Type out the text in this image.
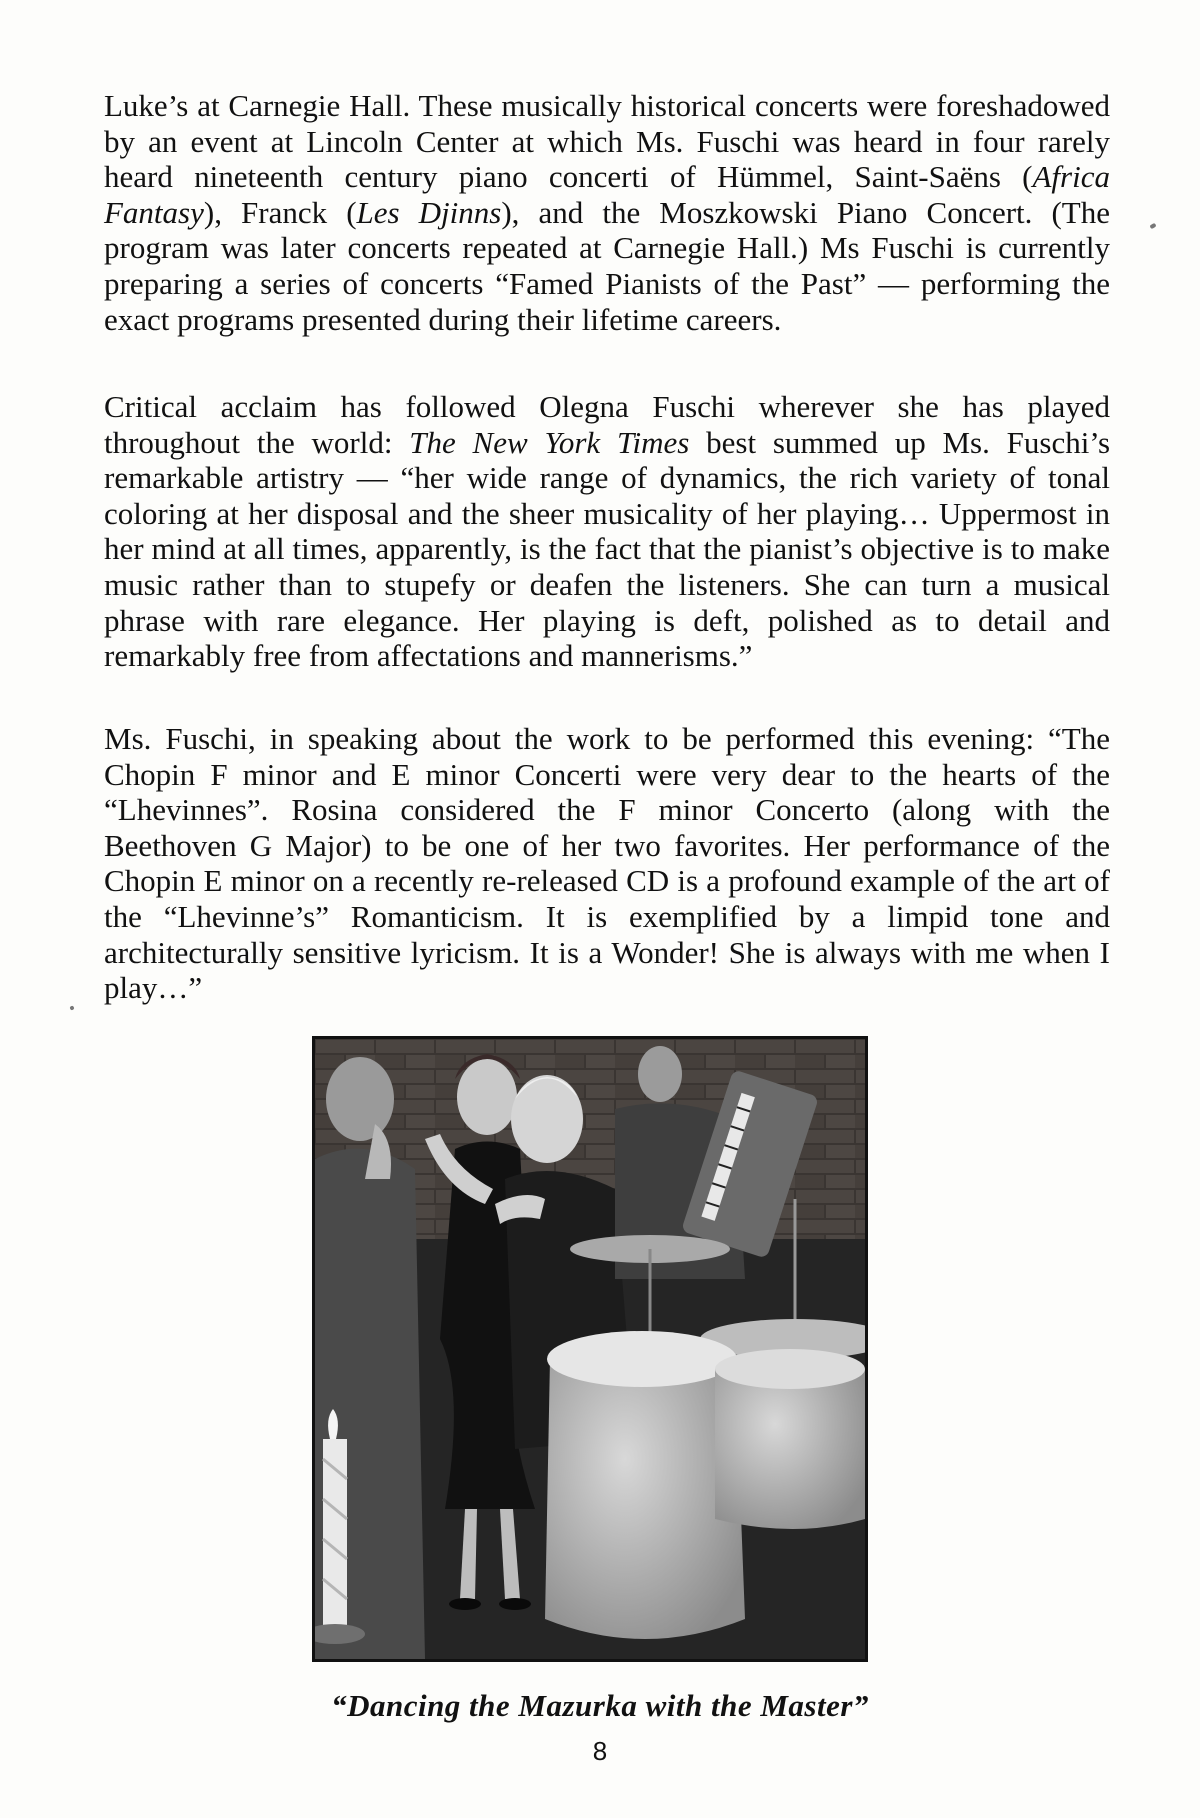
Luke’s at Carnegie Hall. These musically historical concerts were foreshadowed by an event at Lincoln Center at which Ms. Fuschi was heard in four rarely heard nineteenth century piano concerti of Hümmel, Saint-Saëns (Africa Fantasy), Franck (Les Djinns), and the Moszkowski Piano Concert. (The program was later concerts repeated at Carnegie Hall.) Ms Fuschi is currently preparing a series of concerts “Famed Pianists of the Past” — performing the exact programs presented during their lifetime careers.

Critical acclaim has followed Olegna Fuschi wherever she has played throughout the world: The New York Times best summed up Ms. Fuschi’s remarkable artistry — “her wide range of dynamics, the rich variety of tonal coloring at her disposal and the sheer musicality of her playing… Uppermost in her mind at all times, apparently, is the fact that the pianist’s objective is to make music rather than to stupefy or deafen the listeners. She can turn a musical phrase with rare elegance. Her playing is deft, polished as to detail and remarkably free from affectations and mannerisms.”

Ms. Fuschi, in speaking about the work to be performed this evening: “The Chopin F minor and E minor Concerti were very dear to the hearts of the “Lhevinnes”. Rosina considered the F minor Concerto (along with the Beethoven G Major) to be one of her two favorites. Her performance of the Chopin E minor on a recently re-released CD is a profound example of the art of the “Lhevinne’s” Romanticism. It is exemplified by a limpid tone and architecturally sensitive lyricism. It is a Wonder! She is always with me when I play…”

“Dancing the Mazurka with the Master”
8
